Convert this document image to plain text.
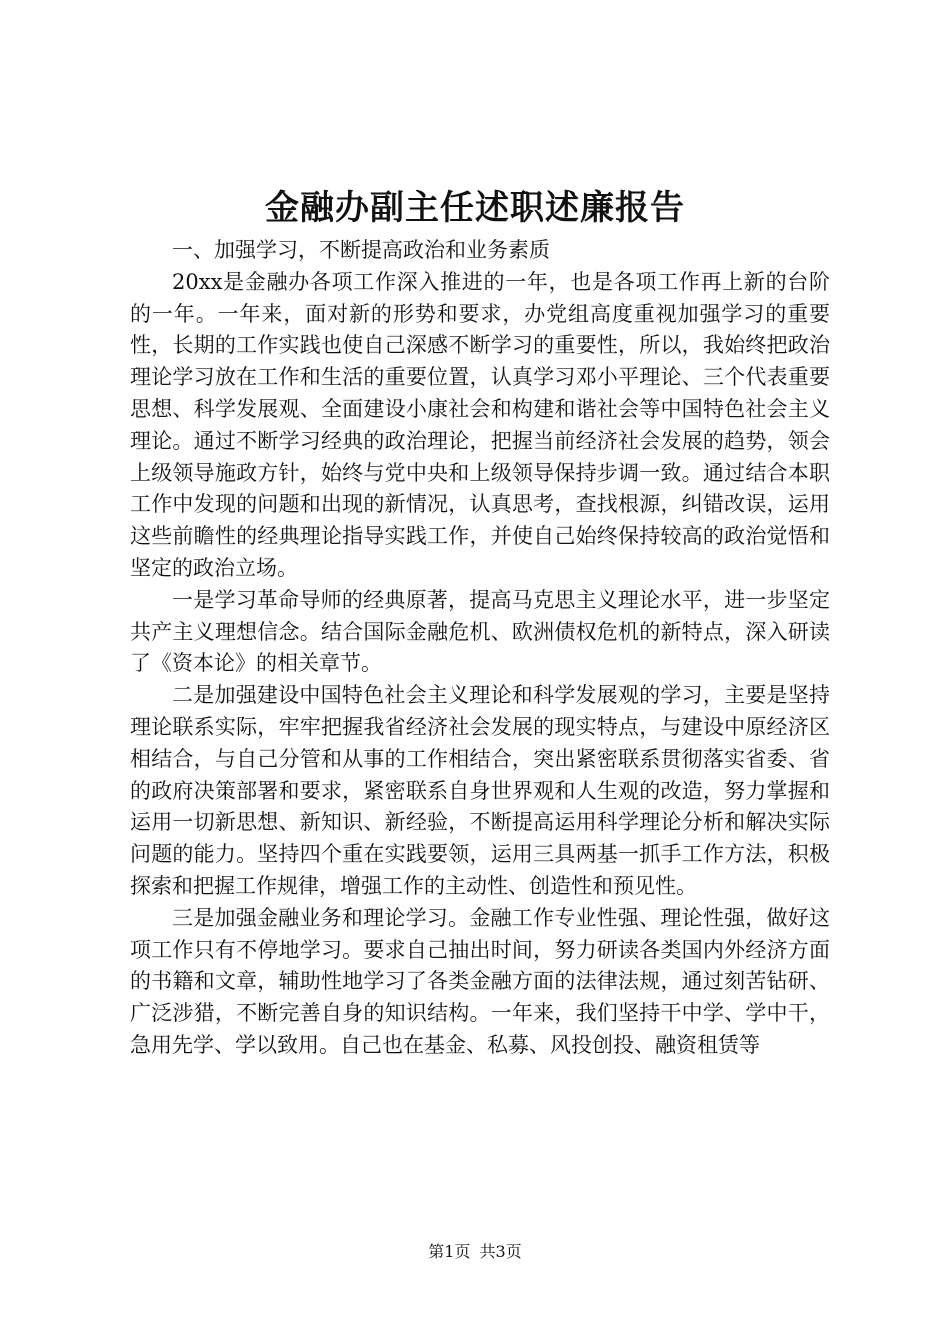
金融办副主任述职述廉报告

一、加强学习，不断提高政治和业务素质

20xx是金融办各项工作深入推进的一年，也是各项工作再上新的台阶的一年。一年来，面对新的形势和要求，办党组高度重视加强学习的重要性，长期的工作实践也使自己深感不断学习的重要性，所以，我始终把政治理论学习放在工作和生活的重要位置，认真学习邓小平理论、三个代表重要思想、科学发展观、全面建设小康社会和构建和谐社会等中国特色社会主义理论。通过不断学习经典的政治理论，把握当前经济社会发展的趋势，领会上级领导施政方针，始终与党中央和上级领导保持步调一致。通过结合本职工作中发现的问题和出现的新情况，认真思考，查找根源，纠错改误，运用这些前瞻性的经典理论指导实践工作，并使自己始终保持较高的政治觉悟和坚定的政治立场。

一是学习革命导师的经典原著，提高马克思主义理论水平，进一步坚定共产主义理想信念。结合国际金融危机、欧洲债权危机的新特点，深入研读了《资本论》的相关章节。

二是加强建设中国特色社会主义理论和科学发展观的学习，主要是坚持理论联系实际，牢牢把握我省经济社会发展的现实特点，与建设中原经济区相结合，与自己分管和从事的工作相结合，突出紧密联系贯彻落实省委、省的政府决策部署和要求，紧密联系自身世界观和人生观的改造，努力掌握和运用一切新思想、新知识、新经验，不断提高运用科学理论分析和解决实际问题的能力。坚持四个重在实践要领，运用三具两基一抓手工作方法，积极探索和把握工作规律，增强工作的主动性、创造性和预见性。

三是加强金融业务和理论学习。金融工作专业性强、理论性强，做好这项工作只有不停地学习。要求自己抽出时间，努力研读各类国内外经济方面的书籍和文章，辅助性地学习了各类金融方面的法律法规，通过刻苦钻研、广泛涉猎，不断完善自身的知识结构。一年来，我们坚持干中学、学中干，急用先学、学以致用。自己也在基金、私募、风投创投、融资租赁等

第1页 共3页
